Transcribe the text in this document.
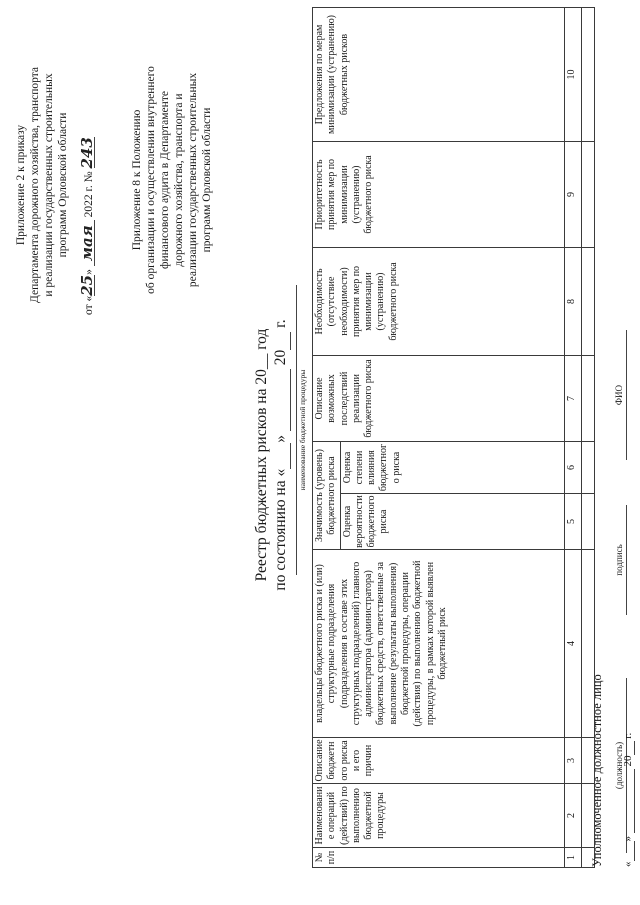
Приложение 2 к приказу Департамента дорожного хозяйства, транспорта и реализации государственных строительных программ Орловской области
от «25» мая 2022 г. № 243	Приложение 8 к Положению об организации и осуществлении внутреннего финансового аудита в Департаменте дорожного хозяйства, транспорта и реализации государственных строительных программ Орловской области
Реестр бюджетных рисков на 20__ год по состоянию на « »   20  г.
наименование бюджетной процедуры
№ п/п	Наименование операций (действий) по выполнению бюджетной процедуры	Описание бюджетного риска и его причин	владельцы бюджетного риска и (или) структурные подразделения (подразделения в составе этих структурных подразделений) главного администратора (администратора) бюджетных средств, ответственные за выполнение (результаты выполнения) бюджетной процедуры, операции (действия) по выполнению бюджетной процедуры, в рамках которой выявлен бюджетный риск	Значимость (уровень) бюджетного риска		Описание возможных последствий реализации бюджетного риска	Необходимость (отсутствие необходимости) принятия мер по минимизации (устранению) бюджетного риска	Приоритетность принятия мер по минимизации (устранению) бюджетного риска	Предложения по мерам минимизации (устранению) бюджетных рисков
				Оценка вероятности бюджетного риска	Оценка степени влияния бюджетного риска				
1	2	3	4	5	6	7	8	9	10

Уполномоченное должностное лицо (должность)
подпись
ФИО
« »   20  г.
